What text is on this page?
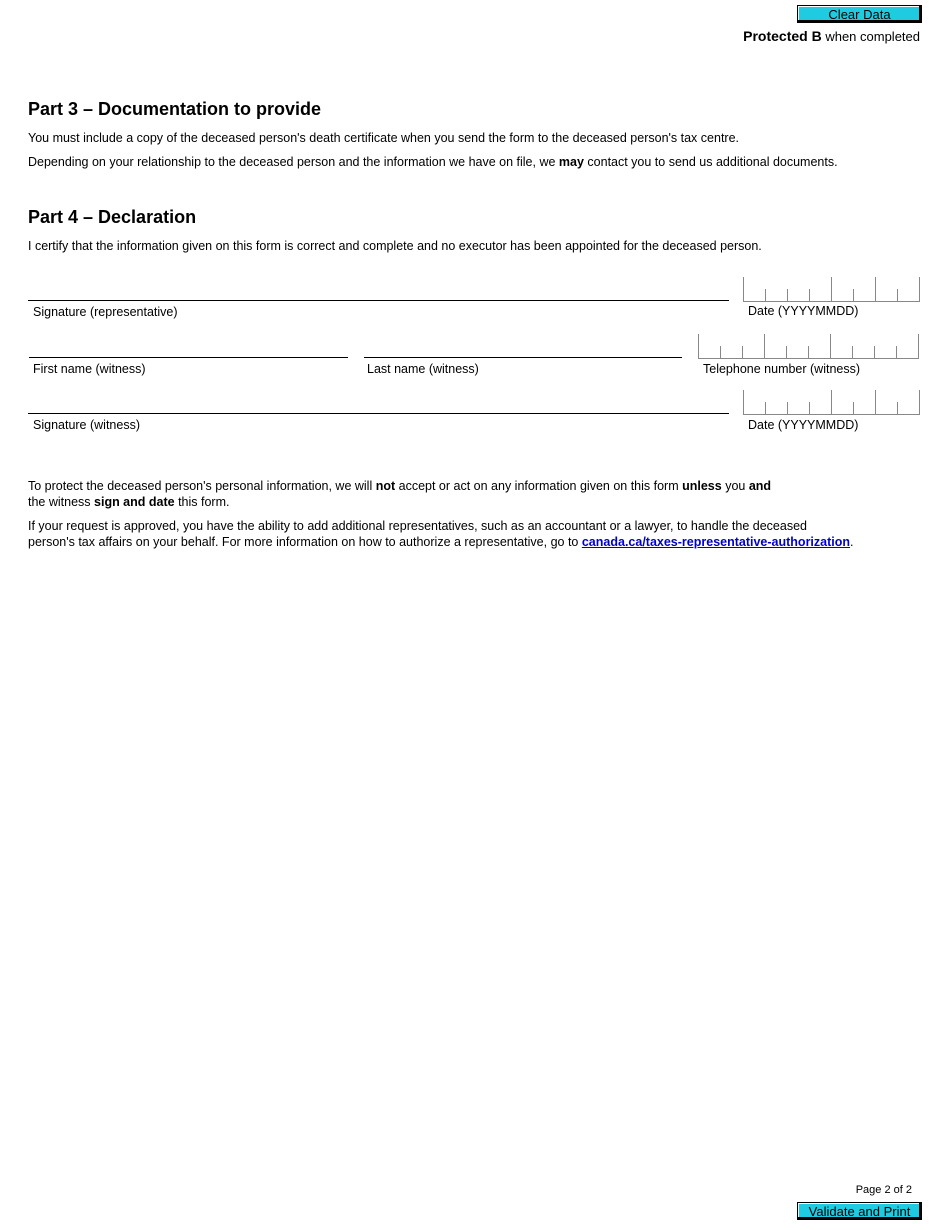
Clear Data
Protected B when completed
Part 3 – Documentation to provide

You must include a copy of the deceased person's death certificate when you send the form to the deceased person's tax centre.

Depending on your relationship to the deceased person and the information we have on file, we may contact you to send us additional documents.

Part 4 – Declaration

I certify that the information given on this form is correct and complete and no executor has been appointed for the deceased person.

Signature (representative)	Date (YYYYMMDD)
First name (witness)	Last name (witness)	Telephone number (witness)
Signature (witness)	Date (YYYYMMDD)

To protect the deceased person's personal information, we will not accept or act on any information given on this form unless you and
the witness sign and date this form.

If your request is approved, you have the ability to add additional representatives, such as an accountant or a lawyer, to handle the deceased
person's tax affairs on your behalf. For more information on how to authorize a representative, go to canada.ca/taxes-representative-authorization.

Page 2 of 2
Validate and Print
